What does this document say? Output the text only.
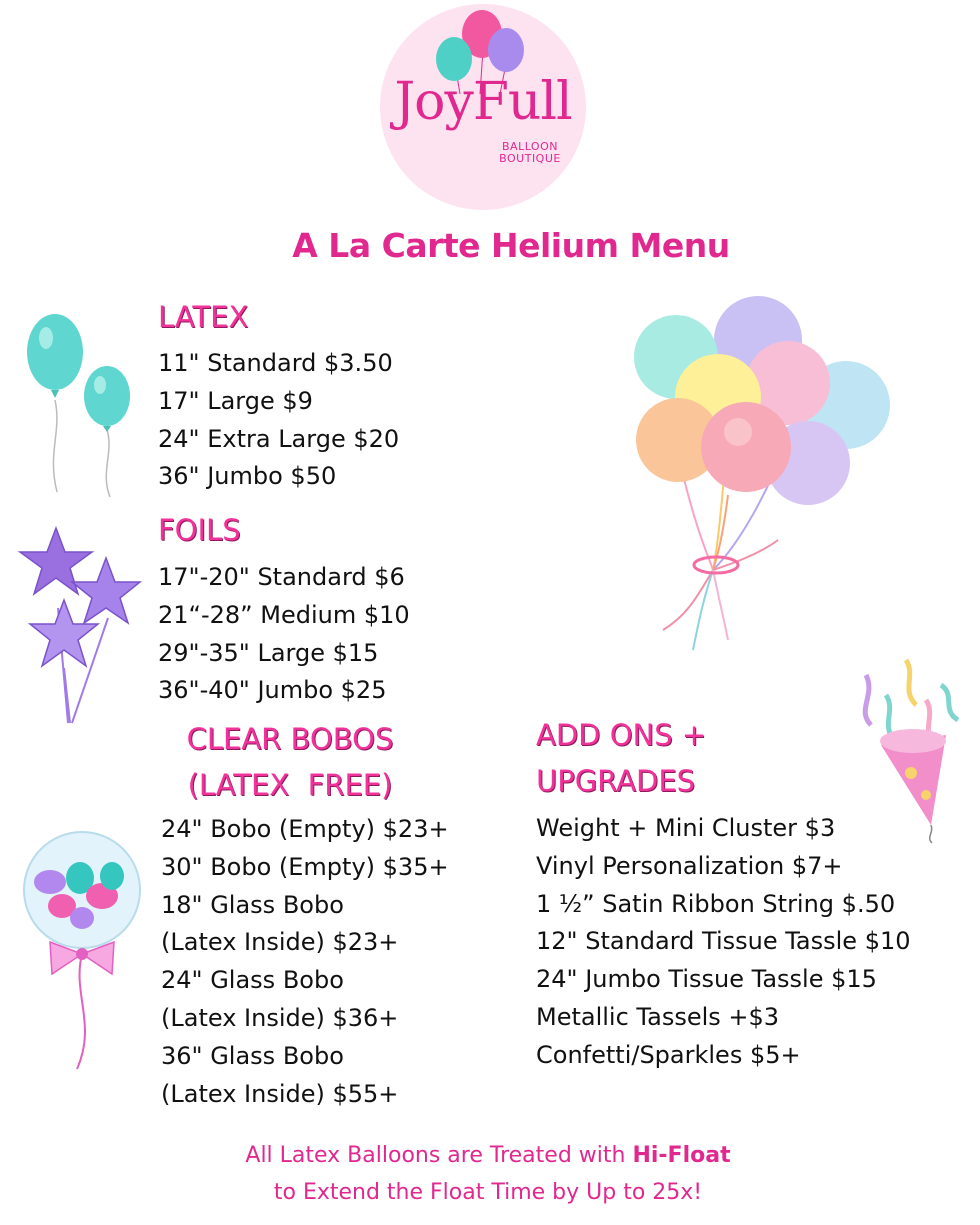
JoyFull
BALLOON
BOUTIQUE
A La Carte Helium Menu
LATEX
11" Standard $3.50
17" Large $9
24" Extra Large $20
36" Jumbo $50
FOILS
17"-20" Standard $6
21“-28” Medium $10
29"-35" Large $15
36"-40" Jumbo $25
CLEAR BOBOS
(LATEX  FREE)
24" Bobo (Empty) $23+
30" Bobo (Empty) $35+
18" Glass Bobo
(Latex Inside) $23+
24" Glass Bobo
(Latex Inside) $36+
36" Glass Bobo
(Latex Inside) $55+
ADD ONS +
UPGRADES
Weight + Mini Cluster $3
Vinyl Personalization $7+
1 ½” Satin Ribbon String $.50
12" Standard Tissue Tassle $10
24" Jumbo Tissue Tassle $15
Metallic Tassels +$3
Confetti/Sparkles $5+
All Latex Balloons are Treated with Hi-Float
to Extend the Float Time by Up to 25x!
